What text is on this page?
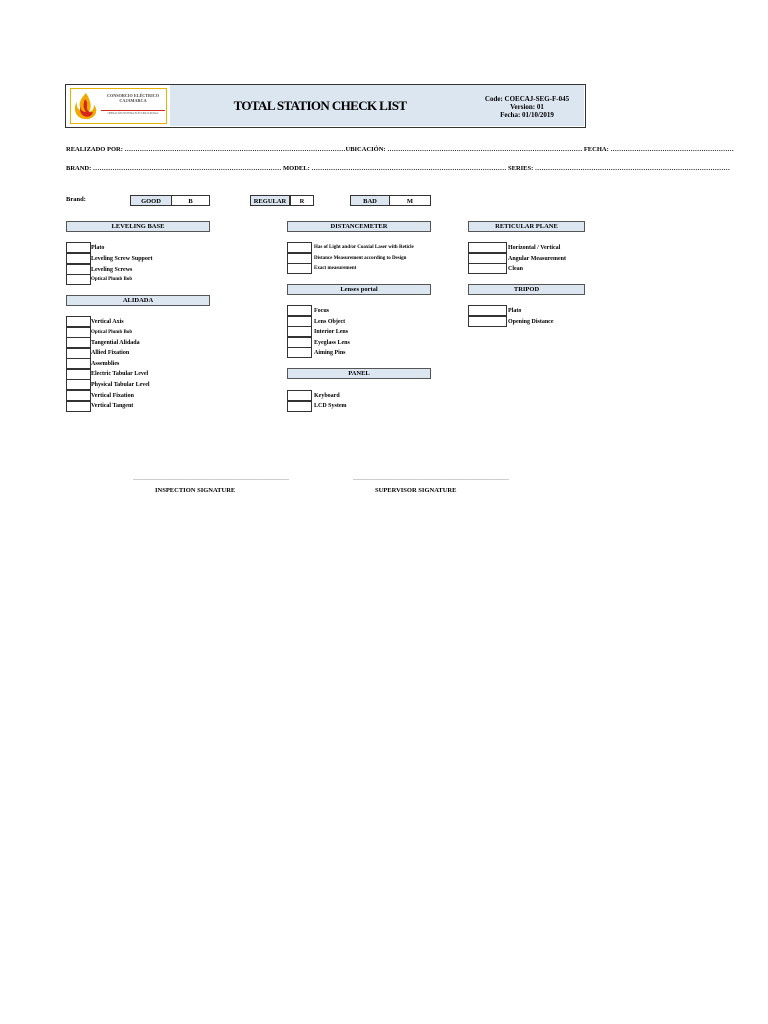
CONSORCIO ELÉCTRICO
CAJAMARCA
OPERACIÓN SISTEMA ELÉCTRICO RURAL
TOTAL STATION CHECK LIST	Code: COECAJ-SEG-F-045
Version: 01
Fecha: 01/10/2019
REALIZADO POR: …………………………………………………………………………………………UBICACIÓN: ……………………………………………………………………………… FECHA: …………………………………………………
BRAND: …………………………………………………………………………… MODEL: ……………………………………………………………………………… SERIES: ………………………………………………………………………………
Brand:	GOOD	B	REGULAR	R	BAD	M
LEVELING BASE
Plato
Leveling Screw Support
Leveling Screws
Optical Plumb Bob
ALIDADA
Vertical Axis
Optical Plumb Bob
Tangential Alidada
Allied Fixation
Assemblies
Electric Tabular Level
Physical Tabular Level
Vertical Fixation
Vertical Tangent
DISTANCEMETER
Has of Light and/or Coaxial Laser with Reticle
Distance Measurement according to Design
Exact measurement
Lenses portal
Focus
Lens Object
Interior Lens
Eyeglass Lens
Aiming Pins
PANEL
Keyboard
LCD System
RETICULAR PLANE
Horizontal / Vertical
Angular Measurement
Clean
TRIPOD
Plato
Opening Distance
……………………………………………………………………
INSPECTION SIGNATURE
……………………………………………………………………
SUPERVISOR SIGNATURE
